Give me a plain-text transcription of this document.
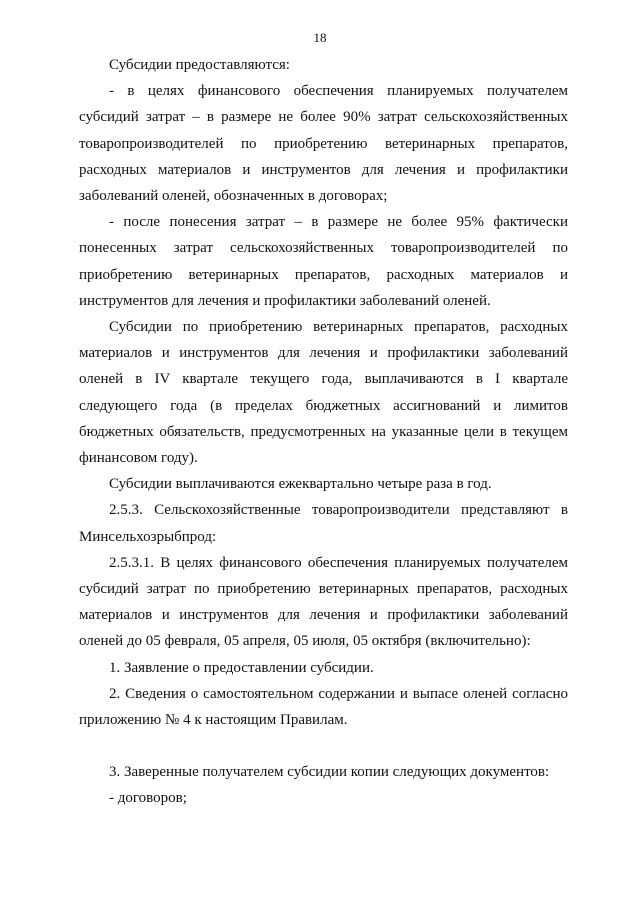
18

Субсидии предоставляются:

- в целях финансового обеспечения планируемых получателем субсидий затрат – в размере не более 90% затрат сельскохозяйственных товаропроизводителей по приобретению ветеринарных препаратов, расходных материалов и инструментов для лечения и профилактики заболеваний оленей, обозначенных в договорах;

- после понесения затрат – в размере не более 95% фактически понесенных затрат сельскохозяйственных товаропроизводителей по приобретению ветеринарных препаратов, расходных материалов и инструментов для лечения и профилактики заболеваний оленей.

Субсидии по приобретению ветеринарных препаратов, расходных материалов и инструментов для лечения и профилактики заболеваний оленей в IV квартале текущего года, выплачиваются в I квартале следующего года (в пределах бюджетных ассигнований и лимитов бюджетных обязательств, предусмотренных на указанные цели в текущем финансовом году).

Субсидии выплачиваются ежеквартально четыре раза в год.

2.5.3. Сельскохозяйственные товаропроизводители представляют в Минсельхозрыбпрод:

2.5.3.1. В целях финансового обеспечения планируемых получателем субсидий затрат по приобретению ветеринарных препаратов, расходных материалов и инструментов для лечения и профилактики заболеваний оленей до 05 февраля, 05 апреля, 05 июля, 05 октября (включительно):

1. Заявление о предоставлении субсидии.

2. Сведения о самостоятельном содержании и выпасе оленей согласно приложению № 4 к настоящим Правилам.

3. Заверенные получателем субсидии копии следующих документов:

- договоров;
